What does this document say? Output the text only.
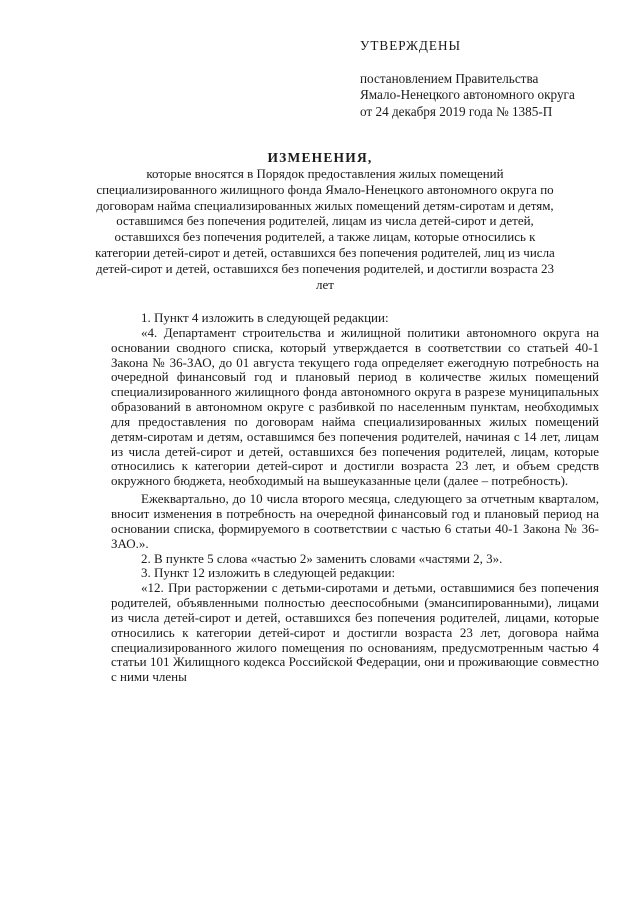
УТВЕРЖДЕНЫ
постановлением Правительства
Ямало-Ненецкого автономного округа
от 24 декабря 2019 года № 1385-П
ИЗМЕНЕНИЯ,
которые вносятся в Порядок предоставления жилых помещений специализированного жилищного фонда Ямало-Ненецкого автономного округа по договорам найма специализированных жилых помещений детям-сиротам и детям, оставшимся без попечения родителей, лицам из числа детей-сирот и детей, оставшихся без попечения родителей, а также лицам, которые относились к категории детей-сирот и детей, оставшихся без попечения родителей, лиц из числа детей-сирот и детей, оставшихся без попечения родителей, и достигли возраста 23 лет

1. Пункт 4 изложить в следующей редакции:

«4. Департамент строительства и жилищной политики автономного округа на основании сводного списка, который утверждается в соответствии со статьей 40-1 Закона № 36-ЗАО, до 01 августа текущего года определяет ежегодную потребность на очередной финансовый год и плановый период в количестве жилых помещений специализированного жилищного фонда автономного округа в разрезе муниципальных образований в автономном округе с разбивкой по населенным пунктам, необходимых для предоставления по договорам найма специализированных жилых помещений детям-сиротам и детям, оставшимся без попечения родителей, начиная с 14 лет, лицам из числа детей-сирот и детей, оставшихся без попечения родителей, лицам, которые относились к категории детей-сирот и достигли возраста 23 лет, и объем средств окружного бюджета, необходимый на вышеуказанные цели (далее – потребность).

Ежеквартально, до 10 числа второго месяца, следующего за отчетным кварталом, вносит изменения в потребность на очередной финансовый год и плановый период на основании списка, формируемого в соответствии с частью 6 статьи 40-1 Закона № 36-ЗАО.».

2. В пункте 5 слова «частью 2» заменить словами «частями 2, 3».

3. Пункт 12 изложить в следующей редакции:

«12. При расторжении с детьми-сиротами и детьми, оставшимися без попечения родителей, объявленными полностью дееспособными (эмансипированными), лицами из числа детей-сирот и детей, оставшихся без попечения родителей, лицами, которые относились к категории детей-сирот и достигли возраста 23 лет, договора найма специализированного жилого помещения по основаниям, предусмотренным частью 4 статьи 101 Жилищного кодекса Российской Федерации, они и проживающие совместно с ними члены
